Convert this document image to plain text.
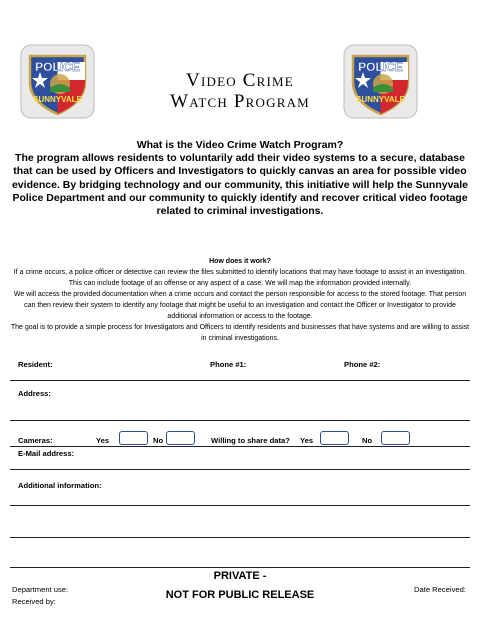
POLICE
SUNNYVALE
POLICE
SUNNYVALE
Video Crime
Watch Program
What is the Video Crime Watch Program?
The program allows residents to voluntarily add their video systems to a secure, database that can be used by Officers and Investigators to quickly canvas an area for possible video evidence. By bridging technology and our community, this initiative will help the Sunnyvale Police Department and our community to quickly identify and recover critical video footage related to criminal investigations.
How does it work?
If a crime occurs, a police officer or detective can review the files submitted to identify locations that may have footage to assist in an investigation. This can include footage of an offense or any aspect of a case. We will map the information provided internally.
We will access the provided documentation when a crime occurs and contact the person responsible for access to the stored footage. That person can then review their system to identify any footage that might be useful to an investigation and contact the Officer or Investigator to provide additional information or access to the footage.
The goal is to provide a simple process for Investigators and Officers to identify residents and businesses that have systems and are willing to assist in criminal investigations.
Resident:	Phone #1:	Phone #2:
Address:
Cameras:	Yes	No	Willing to share data? Yes	No
E-Mail address:
Additional information:
Department use:
Received by:
PRIVATE -
NOT FOR PUBLIC RELEASE	Date Received:
